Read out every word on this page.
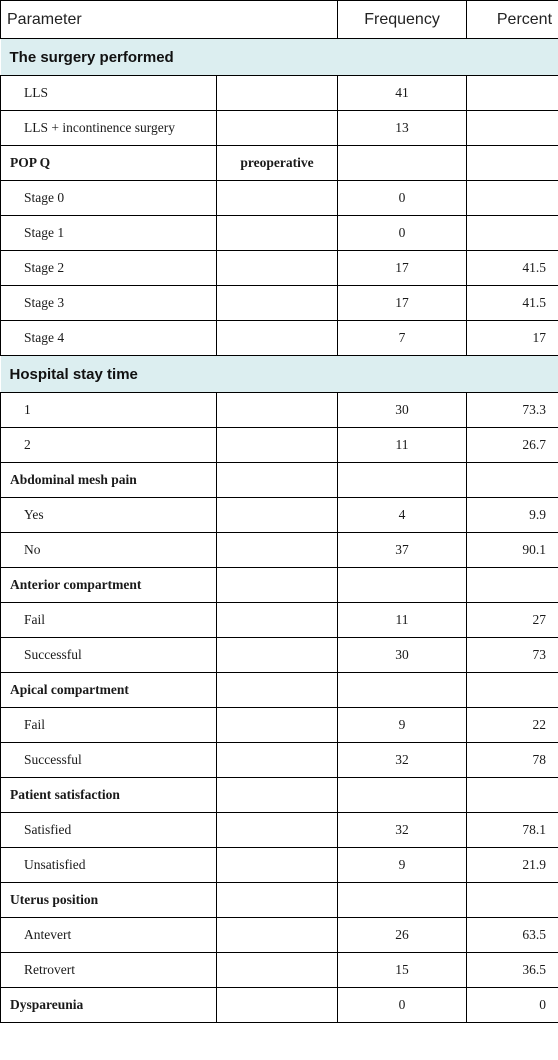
Parameter		Frequency	Percent
The surgery performed			
LLS		41	
LLS + incontinence surgery		13	
POP Q	preoperative		
Stage 0		0	
Stage 1		0	
Stage 2		17	41.5
Stage 3		17	41.5
Stage 4		7	17
Hospital stay time			
1		30	73.3
2		11	26.7
Abdominal mesh pain			
Yes		4	9.9
No		37	90.1
Anterior compartment			
Fail		11	27
Successful		30	73
Apical compartment			
Fail		9	22
Successful		32	78
Patient satisfaction			
Satisfied		32	78.1
Unsatisfied		9	21.9
Uterus position			
Antevert		26	63.5
Retrovert		15	36.5
Dyspareunia		0	0
